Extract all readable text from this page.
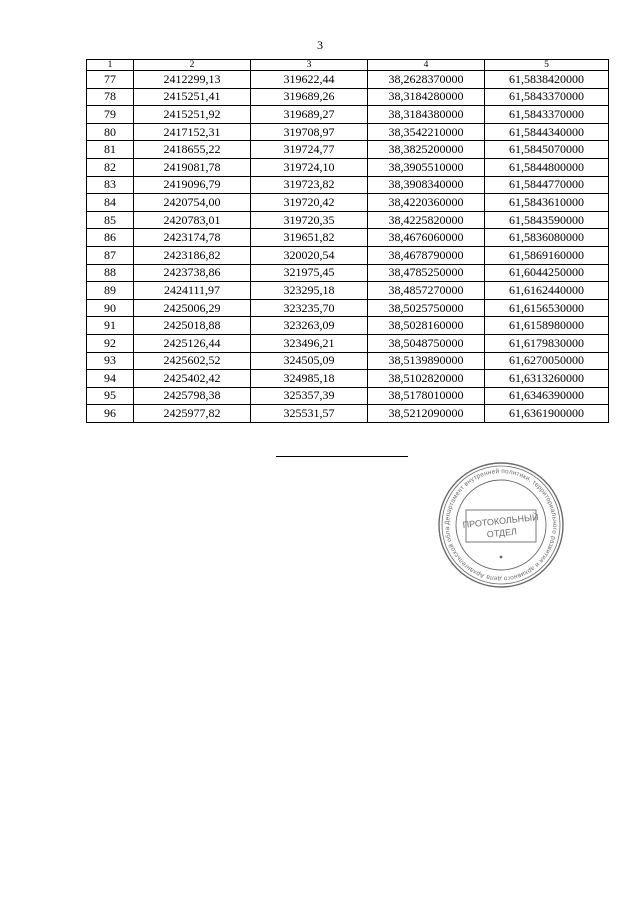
3
1	2	3	4	5
77	2412299,13	319622,44	38,2628370000	61,5838420000
78	2415251,41	319689,26	38,3184280000	61,5843370000
79	2415251,92	319689,27	38,3184380000	61,5843370000
80	2417152,31	319708,97	38,3542210000	61,5844340000
81	2418655,22	319724,77	38,3825200000	61,5845070000
82	2419081,78	319724,10	38,3905510000	61,5844800000
83	2419096,79	319723,82	38,3908340000	61,5844770000
84	2420754,00	319720,42	38,4220360000	61,5843610000
85	2420783,01	319720,35	38,4225820000	61,5843590000
86	2423174,78	319651,82	38,4676060000	61,5836080000
87	2423186,82	320020,54	38,4678790000	61,5869160000
88	2423738,86	321975,45	38,4785250000	61,6044250000
89	2424111,97	323295,18	38,4857270000	61,6162440000
90	2425006,29	323235,70	38,5025750000	61,6156530000
91	2425018,88	323263,09	38,5028160000	61,6158980000
92	2425126,44	323496,21	38,5048750000	61,6179830000
93	2425602,52	324505,09	38,5139890000	61,6270050000
94	2425402,42	324985,18	38,5102820000	61,6313260000
95	2425798,38	325357,39	38,5178010000	61,6346390000
96	2425977,82	325531,57	38,5212090000	61,6361900000
Департамент внутренней политики, территориального развития и архивного дела Архангельской обла	ПРОТОКОЛЬНЫЙ
ОТДЕЛ
